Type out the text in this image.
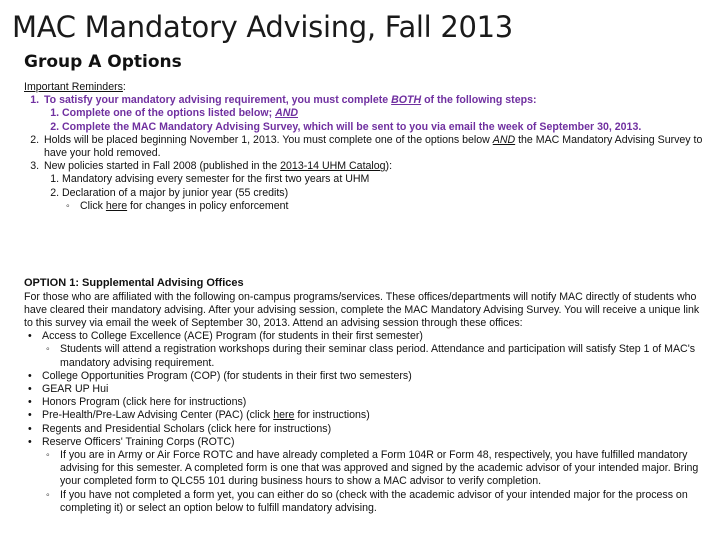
MAC Mandatory Advising, Fall 2013
Group A Options
Important Reminders:
1. To satisfy your mandatory advising requirement, you must complete BOTH of the following steps:
1. Complete one of the options listed below; AND
2. Complete the MAC Mandatory Advising Survey, which will be sent to you via email the week of September 30, 2013.
2. Holds will be placed beginning November 1, 2013. You must complete one of the options below AND the MAC Mandatory Advising Survey to have your hold removed.
3. New policies started in Fall 2008 (published in the 2013-14 UHM Catalog):
1. Mandatory advising every semester for the first two years at UHM
2. Declaration of a major by junior year (55 credits)
◦ Click here for changes in policy enforcement
OPTION 1: Supplemental Advising Offices
For those who are affiliated with the following on-campus programs/services. These offices/departments will notify MAC directly of students who have cleared their mandatory advising. After your advising session, complete the MAC Mandatory Advising Survey. You will receive a unique link to this survey via email the week of September 30, 2013. Attend an advising session through these offices:
• Access to College Excellence (ACE) Program (for students in their first semester)
◦ Students will attend a registration workshops during their seminar class period. Attendance and participation will satisfy Step 1 of MAC's mandatory advising requirement.
• College Opportunities Program (COP) (for students in their first two semesters)
• GEAR UP Hui
• Honors Program (click here for instructions)
• Pre-Health/Pre-Law Advising Center (PAC) (click here for instructions)
• Regents and Presidential Scholars (click here for instructions)
• Reserve Officers' Training Corps (ROTC)
◦ If you are in Army or Air Force ROTC and have already completed a Form 104R or Form 48, respectively, you have fulfilled mandatory advising for this semester. A completed form is one that was approved and signed by the academic advisor of your intended major. Bring your completed form to QLC55 101 during business hours to show a MAC advisor to verify completion.
◦ If you have not completed a form yet, you can either do so (check with the academic advisor of your intended major for the process on completing it) or select an option below to fulfill mandatory advising.
